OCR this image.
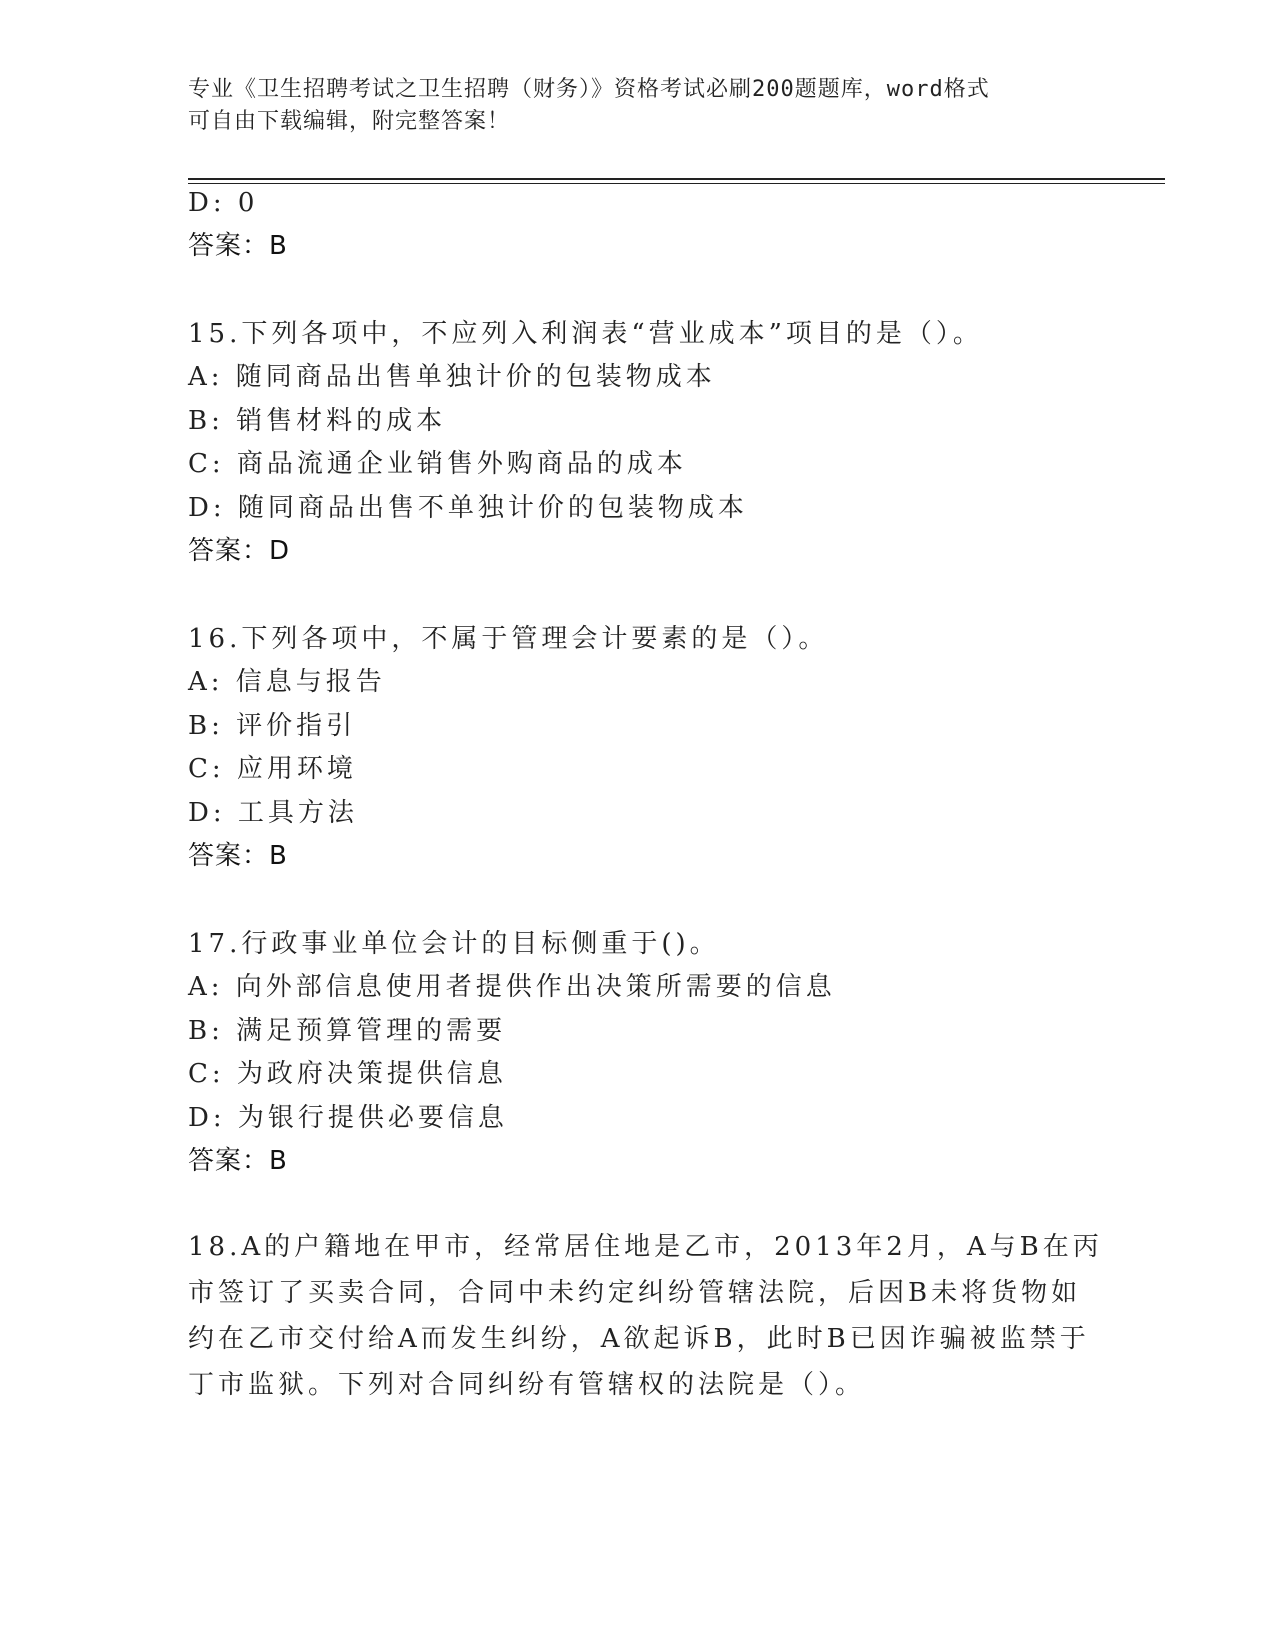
专业《卫生招聘考试之卫生招聘（财务）》资格考试必刷200题题库，word格式
可自由下载编辑，附完整答案！
D: 0
答案：B
15.下列各项中，不应列入利润表“营业成本”项目的是（）。
A: 随同商品出售单独计价的包装物成本
B: 销售材料的成本
C: 商品流通企业销售外购商品的成本
D: 随同商品出售不单独计价的包装物成本
答案：D
16.下列各项中，不属于管理会计要素的是（）。
A: 信息与报告
B: 评价指引
C: 应用环境
D: 工具方法
答案：B
17.行政事业单位会计的目标侧重于()。
A: 向外部信息使用者提供作出决策所需要的信息
B: 满足预算管理的需要
C: 为政府决策提供信息
D: 为银行提供必要信息
答案：B
18.A的户籍地在甲市，经常居住地是乙市，2013年2月，A与B在丙
市签订了买卖合同，合同中未约定纠纷管辖法院，后因B未将货物如
约在乙市交付给A而发生纠纷，A欲起诉B，此时B已因诈骗被监禁于
丁市监狱。下列对合同纠纷有管辖权的法院是（）。
